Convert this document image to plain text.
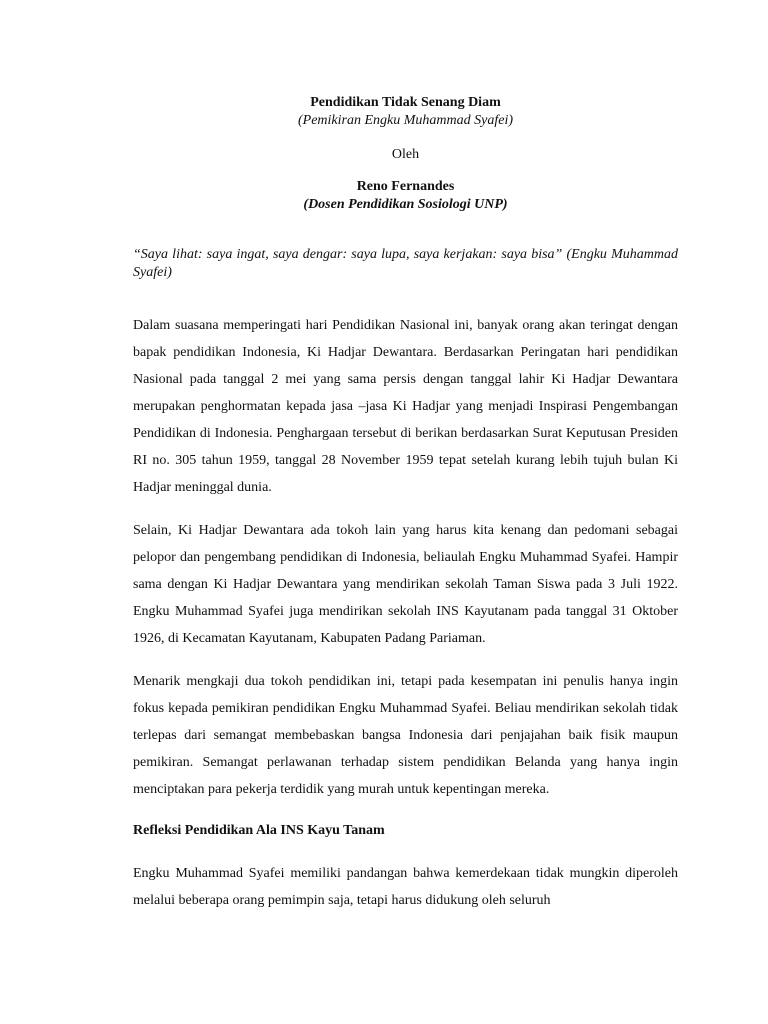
Pendidikan Tidak Senang Diam

(Pemikiran Engku Muhammad Syafei)

Oleh

Reno Fernandes

(Dosen Pendidikan Sosiologi UNP)

“Saya lihat: saya ingat, saya dengar: saya lupa, saya kerjakan: saya bisa” (Engku Muhammad Syafei)

Dalam suasana memperingati hari Pendidikan Nasional ini, banyak orang akan teringat dengan bapak pendidikan Indonesia, Ki Hadjar Dewantara. Berdasarkan Peringatan hari pendidikan Nasional pada tanggal 2 mei yang sama persis dengan tanggal lahir Ki Hadjar Dewantara merupakan penghormatan kepada jasa –jasa Ki Hadjar yang menjadi Inspirasi Pengembangan Pendidikan di Indonesia. Penghargaan tersebut di berikan berdasarkan Surat Keputusan Presiden RI no. 305 tahun 1959, tanggal 28 November 1959 tepat setelah kurang lebih tujuh bulan Ki Hadjar meninggal dunia.

Selain, Ki Hadjar Dewantara ada tokoh lain yang harus kita kenang dan pedomani sebagai pelopor dan pengembang pendidikan di Indonesia, beliaulah Engku Muhammad Syafei. Hampir sama dengan Ki Hadjar Dewantara yang mendirikan sekolah Taman Siswa pada 3 Juli 1922. Engku Muhammad Syafei juga mendirikan sekolah INS Kayutanam pada tanggal 31 Oktober 1926, di Kecamatan Kayutanam, Kabupaten Padang Pariaman.

Menarik mengkaji dua tokoh pendidikan ini, tetapi pada kesempatan ini penulis hanya ingin fokus kepada pemikiran pendidikan Engku Muhammad Syafei. Beliau mendirikan sekolah tidak terlepas dari semangat membebaskan bangsa Indonesia dari penjajahan baik fisik maupun pemikiran. Semangat perlawanan terhadap sistem pendidikan Belanda yang hanya ingin menciptakan para pekerja terdidik yang murah untuk kepentingan mereka.

Refleksi Pendidikan Ala INS Kayu Tanam

Engku Muhammad Syafei memiliki pandangan bahwa kemerdekaan tidak mungkin diperoleh melalui beberapa orang pemimpin saja, tetapi harus didukung oleh seluruh
